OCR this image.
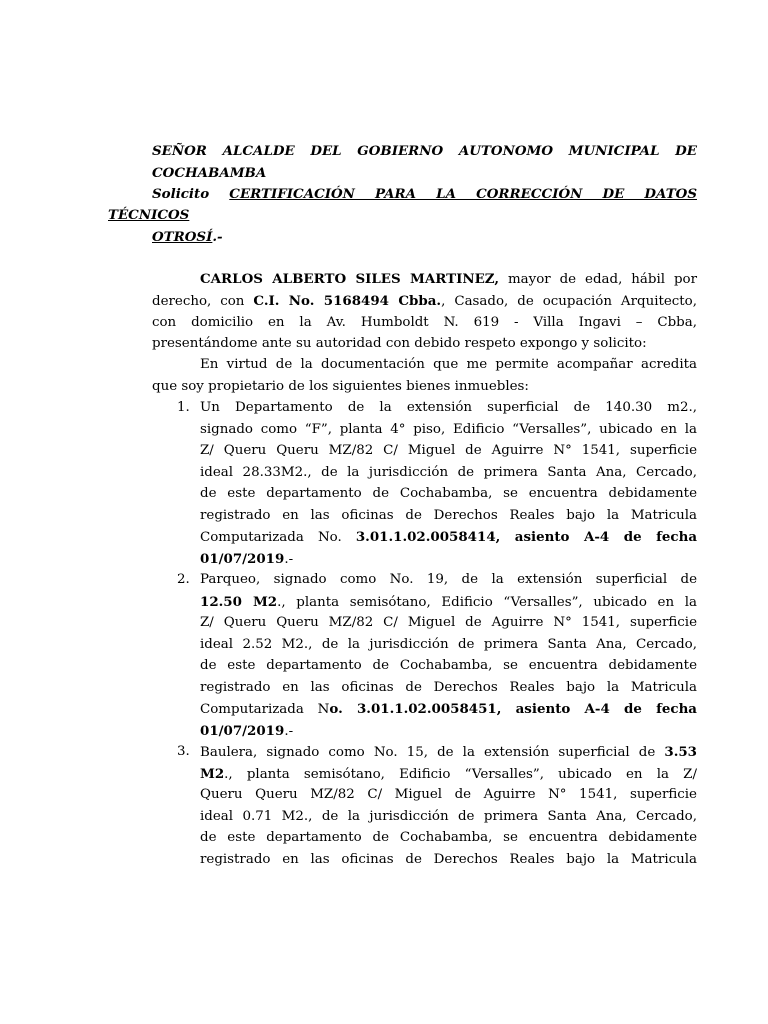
SEÑOR ALCALDE DEL GOBIERNO AUTONOMO MUNICIPAL DE

COCHABAMBA

Solicito CERTIFICACIÓN PARA LA CORRECCIÓN DE DATOS

TÉCNICOS

OTROSÍ.-

CARLOS ALBERTO SILES MARTINEZ, mayor de edad, hábil por

derecho, con C.I. No. 5168494 Cbba., Casado, de ocupación Arquitecto,

con domicilio en la Av. Humboldt N. 619 - Villa Ingavi – Cbba,

presentándome ante su autoridad con debido respeto expongo y solicito:

En virtud de la documentación que me permite acompañar acredita

que soy propietario de los siguientes bienes inmuebles:

1. Un Departamento de la extensión superficial de 140.30 m2.,

signado como “F”, planta 4° piso, Edificio “Versalles”, ubicado en la

Z/ Queru Queru MZ/82 C/ Miguel de Aguirre N° 1541, superficie

ideal 28.33M2., de la jurisdicción de primera Santa Ana, Cercado,

de este departamento de Cochabamba, se encuentra debidamente

registrado en las oficinas de Derechos Reales bajo la Matricula

Computarizada No. 3.01.1.02.0058414, asiento A-4 de fecha

01/07/2019.-

2. Parqueo, signado como No. 19, de la extensión superficial de

12.50 M2., planta semisótano, Edificio “Versalles”, ubicado en la

Z/ Queru Queru MZ/82 C/ Miguel de Aguirre N° 1541, superficie

ideal 2.52 M2., de la jurisdicción de primera Santa Ana, Cercado,

de este departamento de Cochabamba, se encuentra debidamente

registrado en las oficinas de Derechos Reales bajo la Matricula

Computarizada No. 3.01.1.02.0058451, asiento A-4 de fecha

01/07/2019.-

3. Baulera, signado como No. 15, de la extensión superficial de 3.53

M2., planta semisótano, Edificio “Versalles”, ubicado en la Z/

Queru Queru MZ/82 C/ Miguel de Aguirre N° 1541, superficie

ideal 0.71 M2., de la jurisdicción de primera Santa Ana, Cercado,

de este departamento de Cochabamba, se encuentra debidamente

registrado en las oficinas de Derechos Reales bajo la Matricula
